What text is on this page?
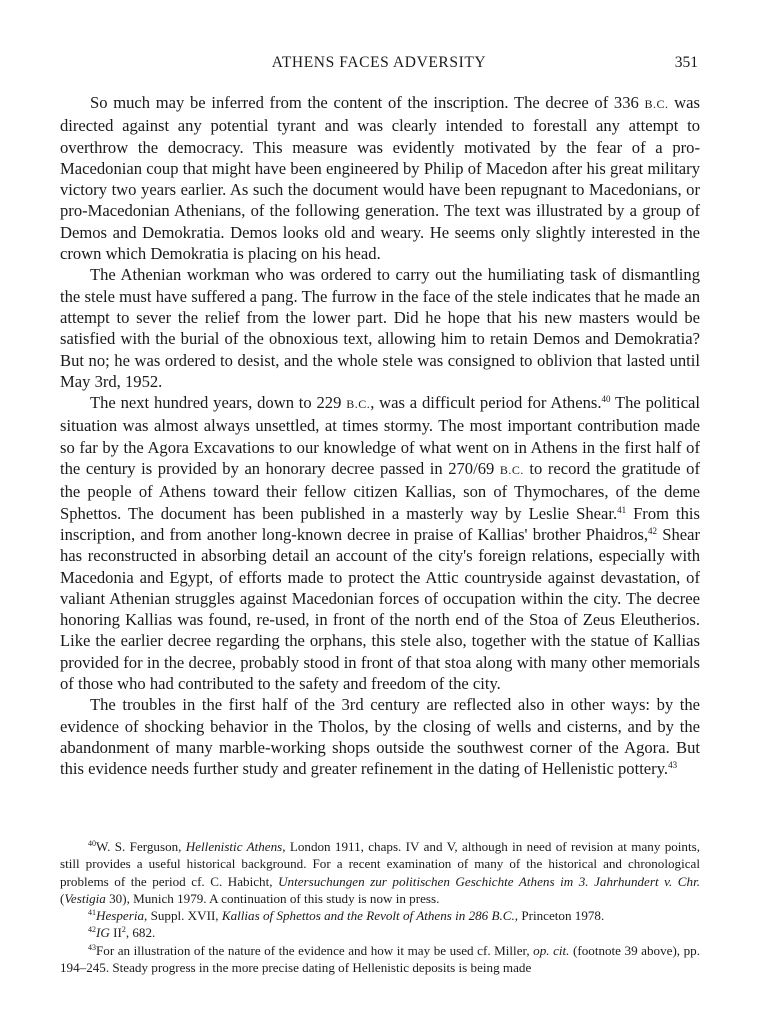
ATHENS FACES ADVERSITY	351

So much may be inferred from the content of the inscription. The decree of 336 B.C. was directed against any potential tyrant and was clearly intended to forestall any attempt to overthrow the democracy. This measure was evidently motivated by the fear of a pro-Macedonian coup that might have been engineered by Philip of Macedon after his great military victory two years earlier. As such the document would have been repugnant to Macedonians, or pro-Macedonian Athenians, of the following generation. The text was illustrated by a group of Demos and Demokratia. Demos looks old and weary. He seems only slightly interested in the crown which Demokratia is placing on his head.

The Athenian workman who was ordered to carry out the humiliating task of dismantling the stele must have suffered a pang. The furrow in the face of the stele indicates that he made an attempt to sever the relief from the lower part. Did he hope that his new masters would be satisfied with the burial of the obnoxious text, allowing him to retain Demos and Demokratia? But no; he was ordered to desist, and the whole stele was consigned to oblivion that lasted until May 3rd, 1952.

The next hundred years, down to 229 B.C., was a difficult period for Athens.$^{40}$ The political situation was almost always unsettled, at times stormy. The most important contribution made so far by the Agora Excavations to our knowledge of what went on in Athens in the first half of the century is provided by an honorary decree passed in 270/69 B.C. to record the gratitude of the people of Athens toward their fellow citizen Kallias, son of Thymochares, of the deme Sphettos. The document has been published in a masterly way by Leslie Shear.$^{41}$ From this inscription, and from another long-known decree in praise of Kallias' brother Phaidros,$^{42}$ Shear has reconstructed in absorbing detail an account of the city's foreign relations, especially with Macedonia and Egypt, of efforts made to protect the Attic countryside against devastation, of valiant Athenian struggles against Macedonian forces of occupation within the city. The decree honoring Kallias was found, re-used, in front of the north end of the Stoa of Zeus Eleutherios. Like the earlier decree regarding the orphans, this stele also, together with the statue of Kallias provided for in the decree, probably stood in front of that stoa along with many other memorials of those who had contributed to the safety and freedom of the city.

The troubles in the first half of the 3rd century are reflected also in other ways: by the evidence of shocking behavior in the Tholos, by the closing of wells and cisterns, and by the abandonment of many marble-working shops outside the southwest corner of the Agora. But this evidence needs further study and greater refinement in the dating of Hellenistic pottery.$^{43}$

$^{40}$W. S. Ferguson, Hellenistic Athens, London 1911, chaps. IV and V, although in need of revision at many points, still provides a useful historical background. For a recent examination of many of the historical and chronological problems of the period cf. C. Habicht, Untersuchungen zur politischen Geschichte Athens im 3. Jahrhundert v. Chr. (Vestigia 30), Munich 1979. A continuation of this study is now in press.

$^{41}$Hesperia, Suppl. XVII, Kallias of Sphettos and the Revolt of Athens in 286 B.C., Princeton 1978.

$^{42}$IG $II^2$, 682.

$^{43}$For an illustration of the nature of the evidence and how it may be used cf. Miller, op. cit. (footnote 39 above), pp. 194–245. Steady progress in the more precise dating of Hellenistic deposits is being made
